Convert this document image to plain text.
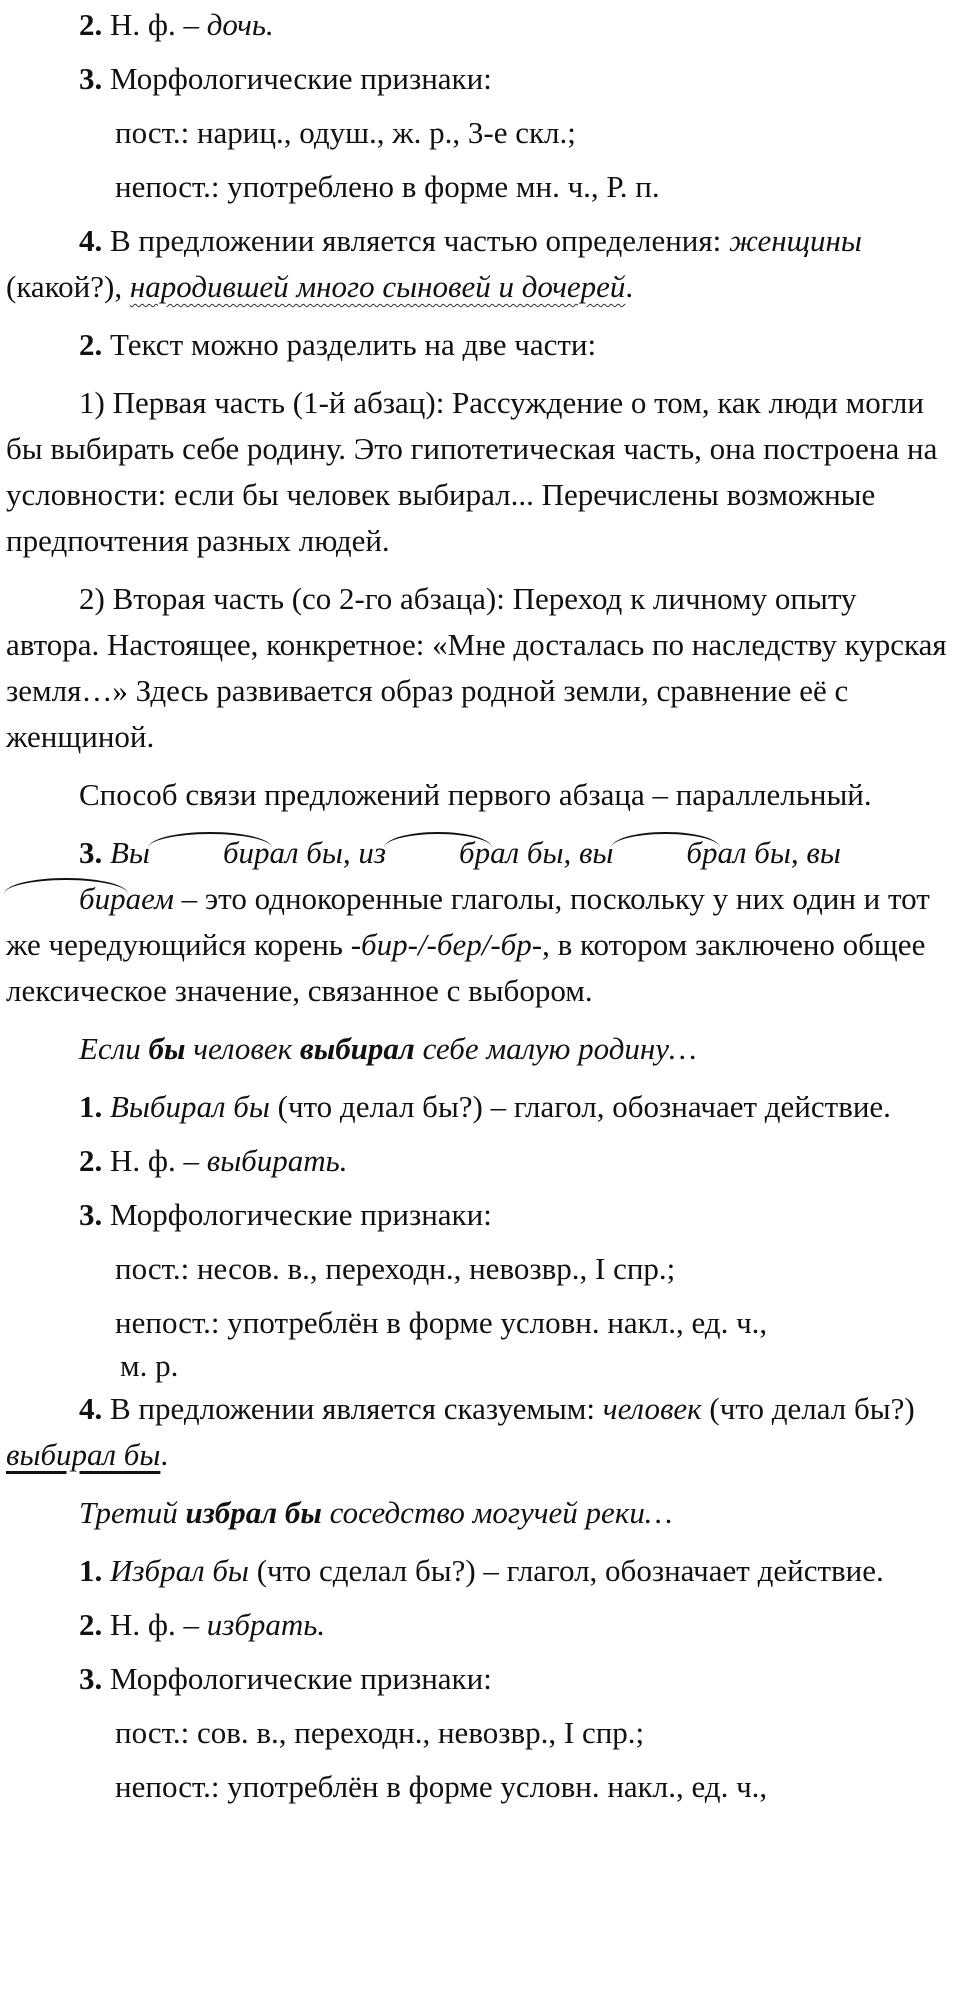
2. Н. ф. – дочь.

3. Морфологические признаки:

пост.: нариц., одуш., ж. р., 3-е скл.;

непост.: употреблено в форме мн. ч., Р. п.

4. В предложении является частью определения: женщины (какой?), народившей много сыновей и дочерей.

2. Текст можно разделить на две части:

1) Первая часть (1-й абзац): Рассуждение о том, как люди могли бы выбирать себе родину. Это гипотетическая часть, она построена на условности: если бы человек выбирал... Перечислены возможные предпочтения разных людей.

2) Вторая часть (со 2-го абзаца): Переход к личному опыту автора. Настоящее, конкретное: «Мне досталась по наследству курская земля…» Здесь развивается образ родной земли, сравнение её с женщиной.

Способ связи предложений первого абзаца – параллельный.

3. Вы бирал бы, из брал бы, вы брал бы, вы
бираем – это однокоренные глаголы, поскольку у них один и тот же чередующийся корень -бир-/-бер/-бр-, в котором заключено общее лексическое значение, связанное с выбором.

Если бы человек выбирал себе малую родину…

1. Выбирал бы (что делал бы?) – глагол, обозначает действие.

2. Н. ф. – выбирать.

3. Морфологические признаки:

пост.: несов. в., переходн., невозвр., I спр.;

непост.: употреблён в форме условн. накл., ед. ч.,

м. р.

4. В предложении является сказуемым: человек (что делал бы?) выбирал бы.

Третий избрал бы соседство могучей реки…

1. Избрал бы (что сделал бы?) – глагол, обозначает действие.

2. Н. ф. – избрать.

3. Морфологические признаки:

пост.: сов. в., переходн., невозвр., I спр.;

непост.: употреблён в форме условн. накл., ед. ч.,
